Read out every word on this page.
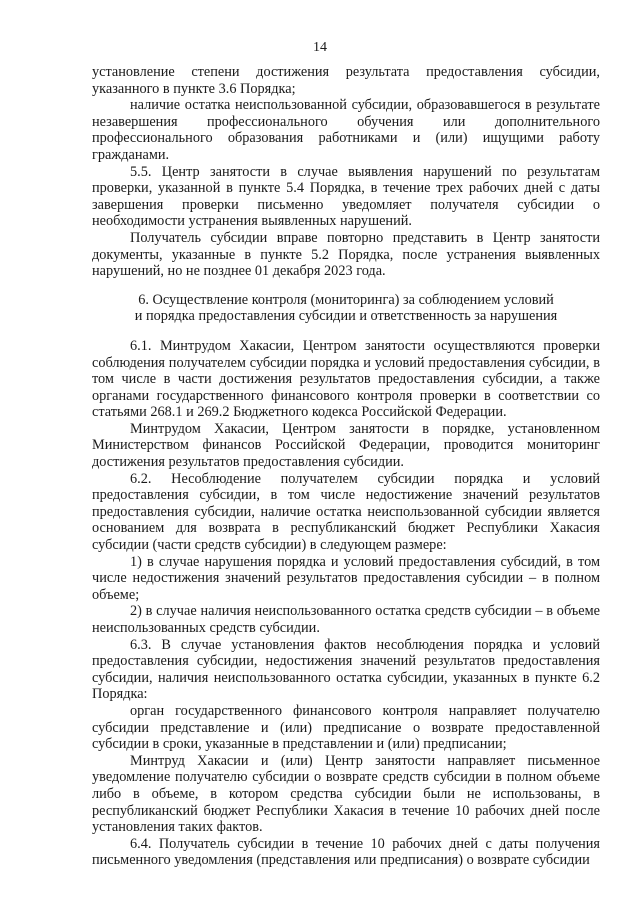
14

установление степени достижения результата предоставления субсидии, указанного в пункте 3.6 Порядка;

наличие остатка неиспользованной субсидии, образовавшегося в результате незавершения профессионального обучения или дополнительного профессионального образования работниками и (или) ищущими работу гражданами.

5.5. Центр занятости в случае выявления нарушений по результатам проверки, указанной в пункте 5.4 Порядка, в течение трех рабочих дней с даты завершения проверки письменно уведомляет получателя субсидии о необходимости устранения выявленных нарушений.

Получатель субсидии вправе повторно представить в Центр занятости документы, указанные в пункте 5.2 Порядка, после устранения выявленных нарушений, но не позднее 01 декабря 2023 года.

6. Осуществление контроля (мониторинга) за соблюдением условий
и порядка предоставления субсидии и ответственность за нарушения

6.1. Минтрудом Хакасии, Центром занятости осуществляются проверки соблюдения получателем субсидии порядка и условий предоставления субсидии, в том числе в части достижения результатов предоставления субсидии, а также органами государственного финансового контроля проверки в соответствии со статьями 268.1 и 269.2 Бюджетного кодекса Российской Федерации.

Минтрудом Хакасии, Центром занятости в порядке, установленном Министерством финансов Российской Федерации, проводится мониторинг достижения результатов предоставления субсидии.

6.2. Несоблюдение получателем субсидии порядка и условий предоставления субсидии, в том числе недостижение значений результатов предоставления субсидии, наличие остатка неиспользованной субсидии является основанием для возврата в республиканский бюджет Республики Хакасия субсидии (части средств субсидии) в следующем размере:

1) в случае нарушения порядка и условий предоставления субсидий, в том числе недостижения значений результатов предоставления субсидии – в полном объеме;

2) в случае наличия неиспользованного остатка средств субсидии – в объеме неиспользованных средств субсидии.

6.3. В случае установления фактов несоблюдения порядка и условий предоставления субсидии, недостижения значений результатов предоставления субсидии, наличия неиспользованного остатка субсидии, указанных в пункте 6.2 Порядка:

орган государственного финансового контроля направляет получателю субсидии представление и (или) предписание о возврате предоставленной субсидии в сроки, указанные в представлении и (или) предписании;

Минтруд Хакасии и (или) Центр занятости направляет письменное уведомление получателю субсидии о возврате средств субсидии в полном объеме либо в объеме, в котором средства субсидии были не использованы, в республиканский бюджет Республики Хакасия в течение 10 рабочих дней после установления таких фактов.

6.4. Получатель субсидии в течение 10 рабочих дней с даты получения письменного уведомления (представления или предписания) о возврате субсидии
